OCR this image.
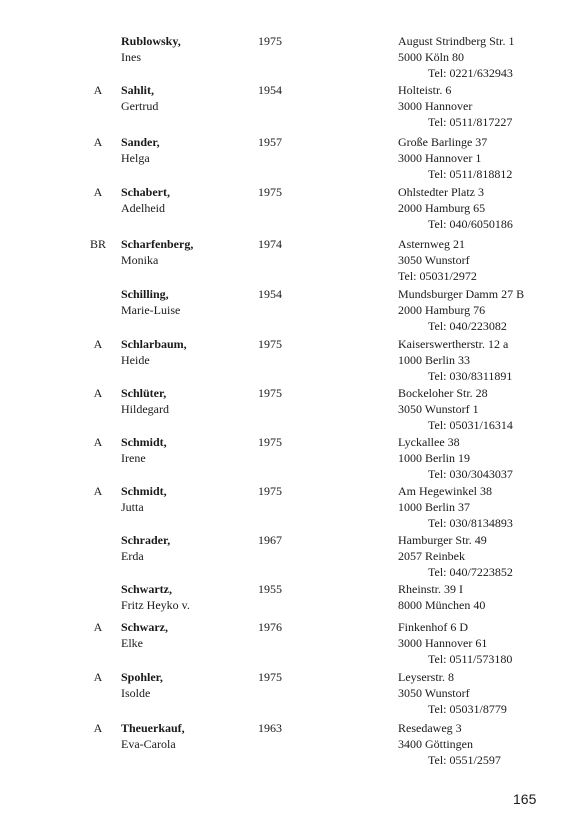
Rublowsky,
Ines
1975	August Strindberg Str. 1
5000 Köln 80
Tel: 0221/632943
A	Sahlit,
Gertrud
1954	Holteistr. 6
3000 Hannover
Tel: 0511/817227
A	Sander,
Helga
1957	Große Barlinge 37
3000 Hannover 1
Tel: 0511/818812
A	Schabert,
Adelheid
1975	Ohlstedter Platz 3
2000 Hamburg 65
Tel: 040/6050186
BR	Scharfenberg,
Monika
1974	Asternweg 21
3050 Wunstorf
Tel: 05031/2972
Schilling,
Marie-Luise
1954	Mundsburger Damm 27 B
2000 Hamburg 76
Tel: 040/223082
A	Schlarbaum,
Heide
1975	Kaiserswertherstr. 12 a
1000 Berlin 33
Tel: 030/8311891
A	Schlüter,
Hildegard
1975	Bockeloher Str. 28
3050 Wunstorf 1
Tel: 05031/16314
A	Schmidt,
Irene
1975	Lyckallee 38
1000 Berlin 19
Tel: 030/3043037
A	Schmidt,
Jutta
1975	Am Hegewinkel 38
1000 Berlin 37
Tel: 030/8134893
Schrader,
Erda
1967	Hamburger Str. 49
2057 Reinbek
Tel: 040/7223852
Schwartz,
Fritz Heyko v.
1955	Rheinstr. 39 I
8000 München 40
A	Schwarz,
Elke
1976	Finkenhof 6 D
3000 Hannover 61
Tel: 0511/573180
A	Spohler,
Isolde
1975	Leyserstr. 8
3050 Wunstorf
Tel: 05031/8779
A	Theuerkauf,
Eva-Carola
1963	Resedaweg 3
3400 Göttingen
Tel: 0551/2597
165
